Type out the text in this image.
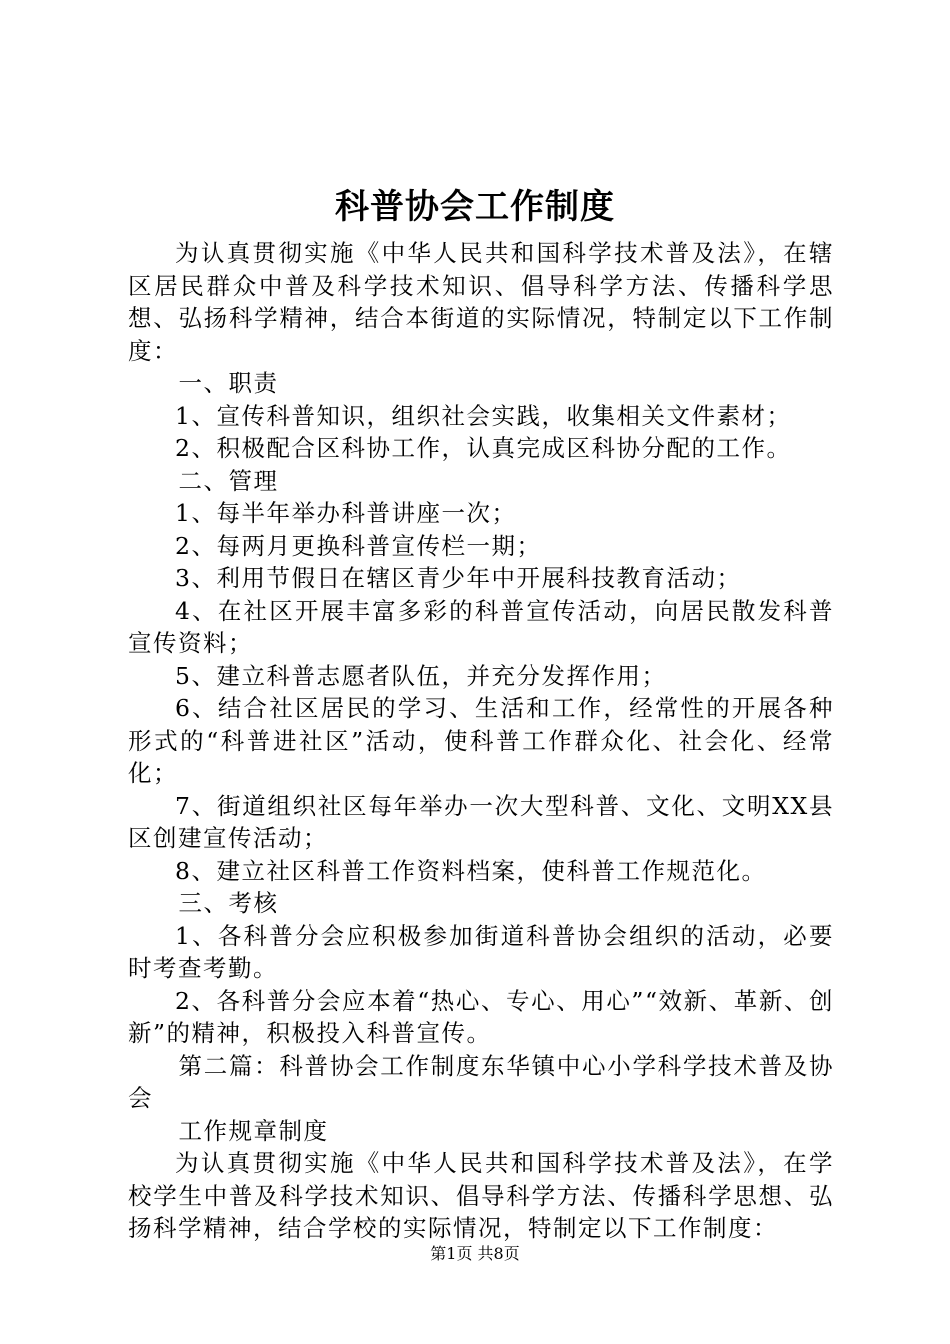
科普协会工作制度

为认真贯彻实施《中华人民共和国科学技术普及法》，在辖区居民群众中普及科学技术知识、倡导科学方法、传播科学思想、弘扬科学精神，结合本街道的实际情况，特制定以下工作制度：

一、职责

1、宣传科普知识，组织社会实践，收集相关文件素材；

2、积极配合区科协工作，认真完成区科协分配的工作。

二、管理

1、每半年举办科普讲座一次；

2、每两月更换科普宣传栏一期；

3、利用节假日在辖区青少年中开展科技教育活动；

4、在社区开展丰富多彩的科普宣传活动，向居民散发科普宣传资料；

5、建立科普志愿者队伍，并充分发挥作用；

6、结合社区居民的学习、生活和工作，经常性的开展各种形式的“科普进社区”活动，使科普工作群众化、社会化、经常化；

7、街道组织社区每年举办一次大型科普、文化、文明XX县区创建宣传活动；

8、建立社区科普工作资料档案，使科普工作规范化。

三、考核

1、各科普分会应积极参加街道科普协会组织的活动，必要时考查考勤。

2、各科普分会应本着“热心、专心、用心”“效新、革新、创新”的精神，积极投入科普宣传。

第二篇：科普协会工作制度东华镇中心小学科学技术普及协会

工作规章制度

为认真贯彻实施《中华人民共和国科学技术普及法》，在学校学生中普及科学技术知识、倡导科学方法、传播科学思想、弘扬科学精神，结合学校的实际情况，特制定以下工作制度：

第1页 共8页
